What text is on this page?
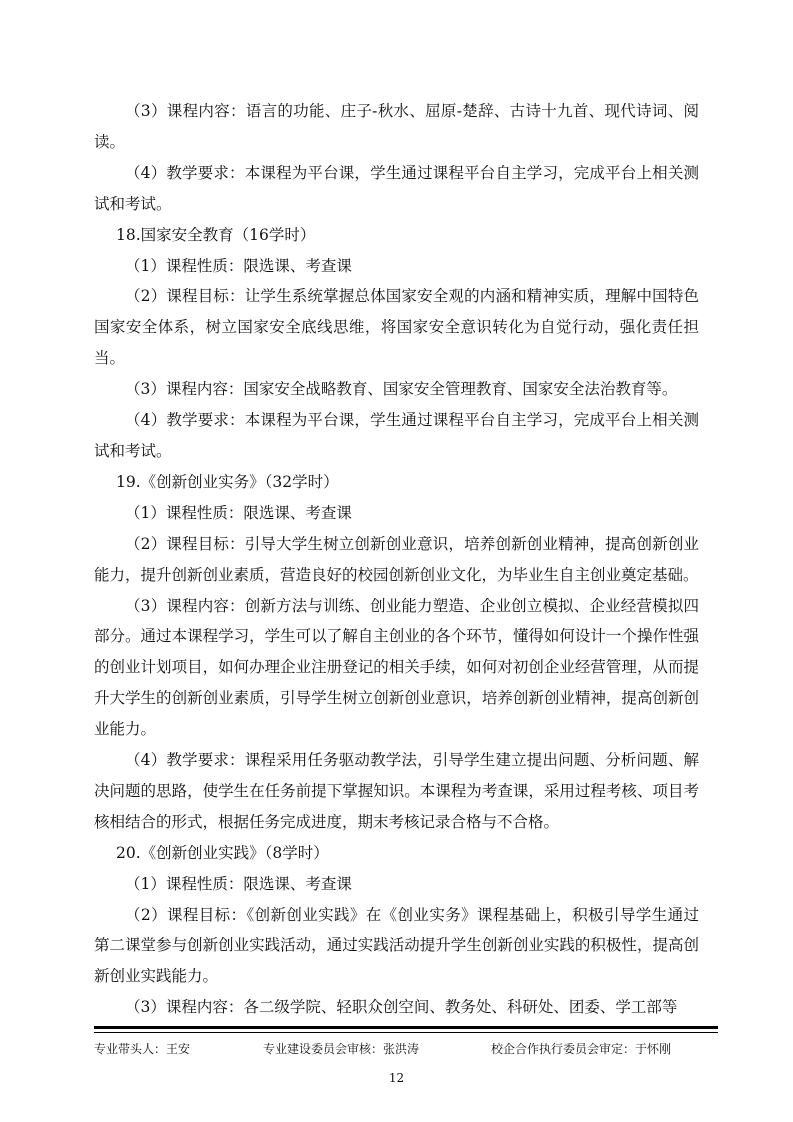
（3）课程内容：语言的功能、庄子-秋水、屈原-楚辞、古诗十九首、现代诗词、阅读。

（4）教学要求：本课程为平台课，学生通过课程平台自主学习，完成平台上相关测试和考试。

18.国家安全教育（16学时）

（1）课程性质：限选课、考查课

（2）课程目标：让学生系统掌握总体国家安全观的内涵和精神实质，理解中国特色国家安全体系，树立国家安全底线思维，将国家安全意识转化为自觉行动，强化责任担当。

（3）课程内容：国家安全战略教育、国家安全管理教育、国家安全法治教育等。

（4）教学要求：本课程为平台课，学生通过课程平台自主学习，完成平台上相关测试和考试。

19.《创新创业实务》（32学时）

（1）课程性质：限选课、考查课

（2）课程目标：引导大学生树立创新创业意识，培养创新创业精神，提高创新创业能力，提升创新创业素质，营造良好的校园创新创业文化，为毕业生自主创业奠定基础。

（3）课程内容：创新方法与训练、创业能力塑造、企业创立模拟、企业经营模拟四部分。通过本课程学习，学生可以了解自主创业的各个环节，懂得如何设计一个操作性强的创业计划项目，如何办理企业注册登记的相关手续，如何对初创企业经营管理，从而提升大学生的创新创业素质，引导学生树立创新创业意识，培养创新创业精神，提高创新创业能力。

（4）教学要求：课程采用任务驱动教学法，引导学生建立提出问题、分析问题、解决问题的思路，使学生在任务前提下掌握知识。本课程为考查课，采用过程考核、项目考核相结合的形式，根据任务完成进度，期末考核记录合格与不合格。

20.《创新创业实践》（8学时）

（1）课程性质：限选课、考查课

（2）课程目标：《创新创业实践》在《创业实务》课程基础上，积极引导学生通过第二课堂参与创新创业实践活动，通过实践活动提升学生创新创业实践的积极性，提高创新创业实践能力。

（3）课程内容：各二级学院、轻职众创空间、教务处、科研处、团委、学工部等

专业带头人：王安	专业建设委员会审核：张洪涛	校企合作执行委员会审定：于怀刚
12
